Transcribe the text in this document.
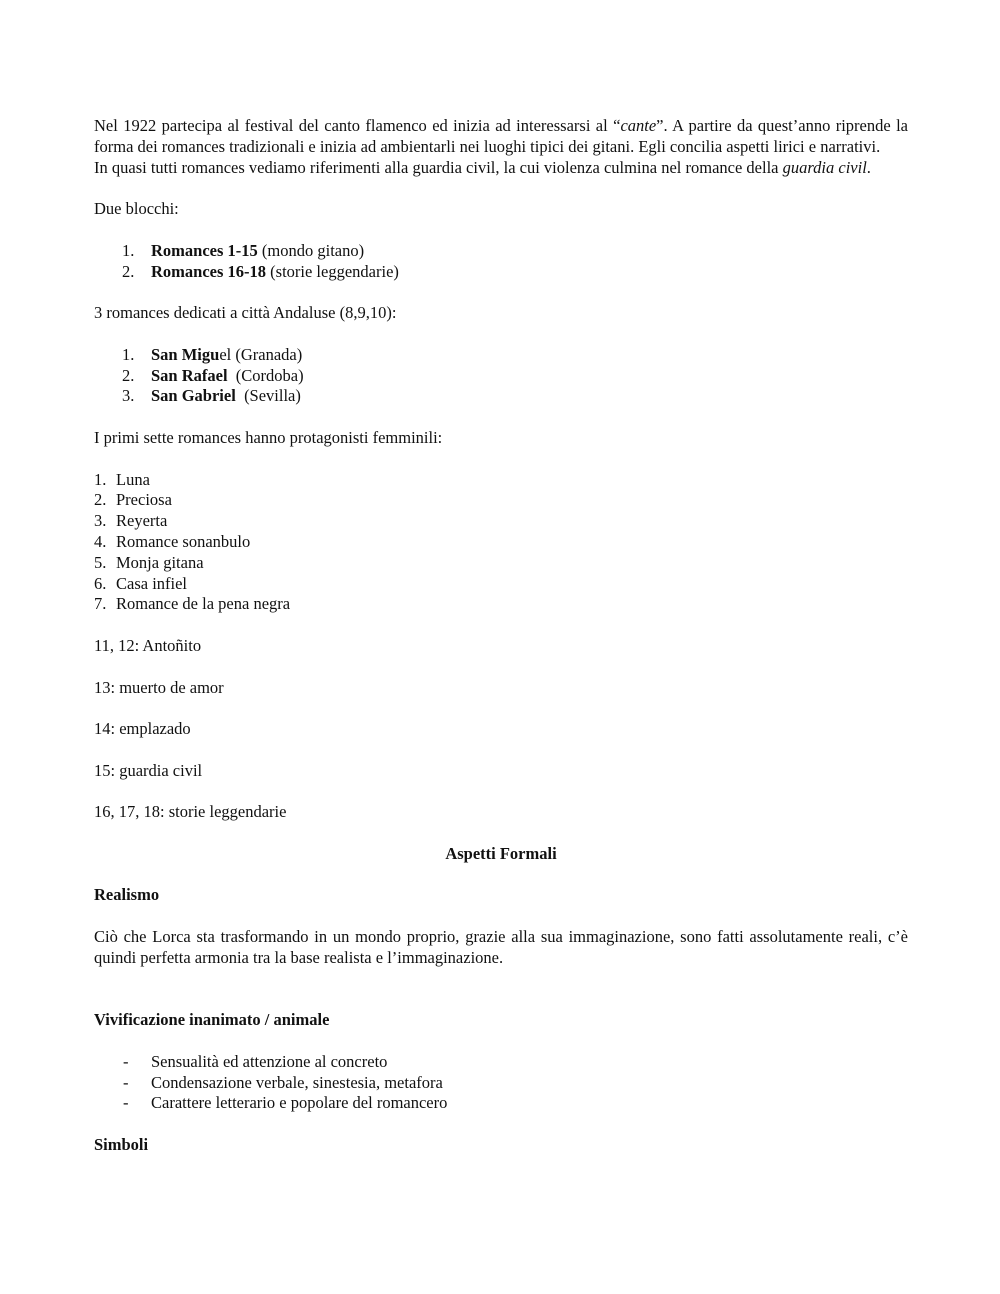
Nel 1922 partecipa al festival del canto flamenco ed inizia ad interessarsi al “cante”. A partire da quest’anno riprende la forma dei romances tradizionali e inizia ad ambientarli nei luoghi tipici dei gitani. Egli concilia aspetti lirici e narrativi.

In quasi tutti romances vediamo riferimenti alla guardia civil, la cui violenza culmina nel romance della guardia civil.

Due blocchi:

1. Romances 1-15 (mondo gitano)
2. Romances 16-18 (storie leggendarie)

3 romances dedicati a città Andaluse (8,9,10):

1. San Miguel (Granada)
2. San Rafael  (Cordoba)
3. San Gabriel  (Sevilla)

I primi sette romances hanno protagonisti femminili:

1. Luna
2. Preciosa
3. Reyerta
4. Romance sonanbulo
5. Monja gitana
6. Casa infiel
7. Romance de la pena negra

11, 12: Antoñito

13: muerto de amor

14: emplazado

15: guardia civil

16, 17, 18: storie leggendarie

Aspetti Formali

Realismo

Ciò che Lorca sta trasformando in un mondo proprio, grazie alla sua immaginazione, sono fatti assolutamente reali, c’è quindi perfetta armonia tra la base realista e l’immaginazione.

Vivificazione inanimato / animale

- Sensualità ed attenzione al concreto
- Condensazione verbale, sinestesia, metafora
- Carattere letterario e popolare del romancero

Simboli
